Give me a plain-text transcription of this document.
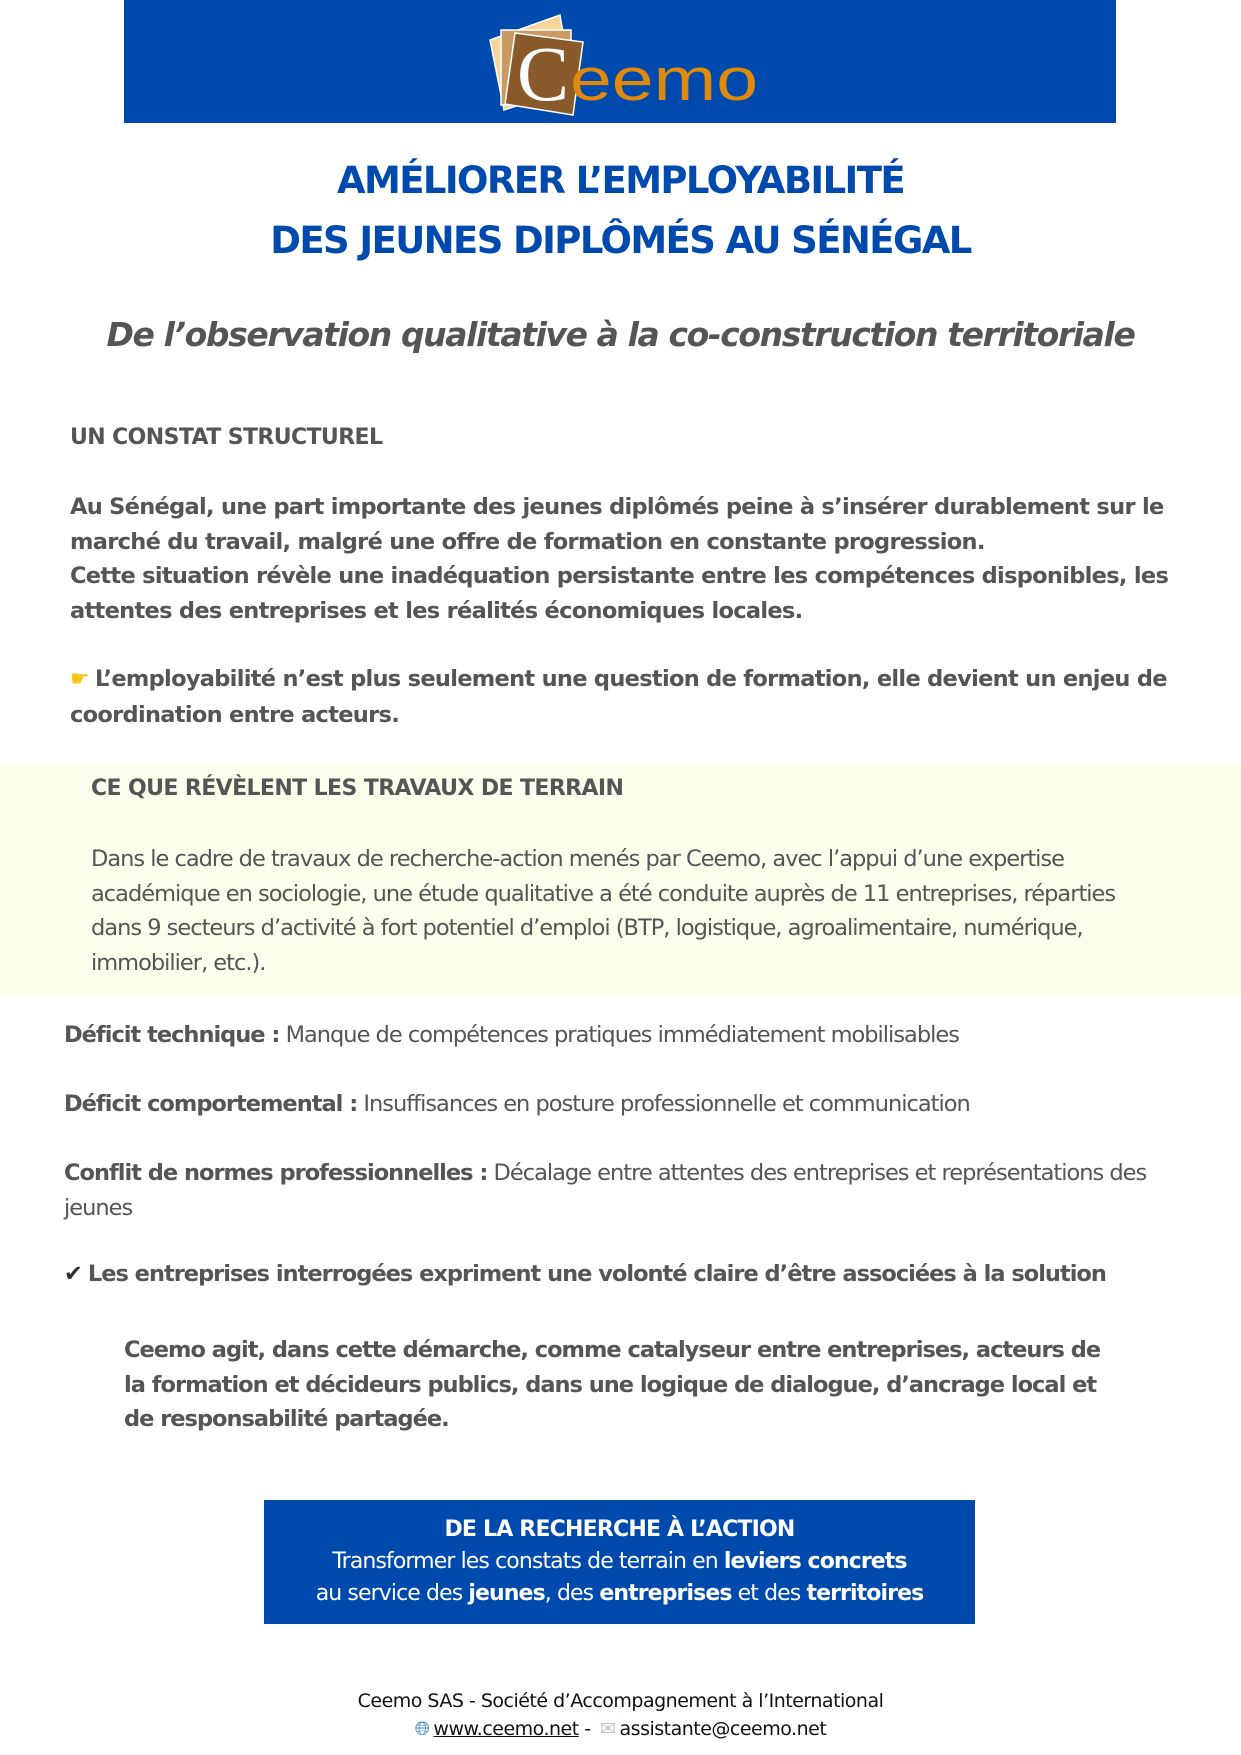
C eemo
AMÉLIORER L’EMPLOYABILITÉ
DES JEUNES DIPLÔMÉS AU SÉNÉGAL
De l’observation qualitative à la co-construction territoriale
UN CONSTAT STRUCTUREL

Au Sénégal, une part importante des jeunes diplômés peine à s’insérer durablement sur le marché du travail, malgré une offre de formation en constante progression.

Cette situation révèle une inadéquation persistante entre les compétences disponibles, les attentes des entreprises et les réalités économiques locales.

☛ L’employabilité n’est plus seulement une question de formation, elle devient un enjeu de coordination entre acteurs.
CE QUE RÉVÈLENT LES TRAVAUX DE TERRAIN
Dans le cadre de travaux de recherche-action menés par Ceemo, avec l’appui d’une expertise académique en sociologie, une étude qualitative a été conduite auprès de 11 entreprises, réparties dans 9 secteurs d’activité à fort potentiel d’emploi (BTP, logistique, agroalimentaire, numérique, immobilier, etc.).
Déficit technique : Manque de compétences pratiques immédiatement mobilisables
Déficit comportemental : Insuffisances en posture professionnelle et communication
Conflit de normes professionnelles : Décalage entre attentes des entreprises et représentations des jeunes
✔ Les entreprises interrogées expriment une volonté claire d’être associées à la solution
Ceemo agit, dans cette démarche, comme catalyseur entre entreprises, acteurs de la formation et décideurs publics, dans une logique de dialogue, d’ancrage local et de responsabilité partagée.
DE LA RECHERCHE À L’ACTION
Transformer les constats de terrain en leviers concrets
au service des jeunes, des entreprises et des territoires
Ceemo SAS - Société d’Accompagnement à l’International
🌐︎ www.ceemo.net - ✉ assistante@ceemo.net
